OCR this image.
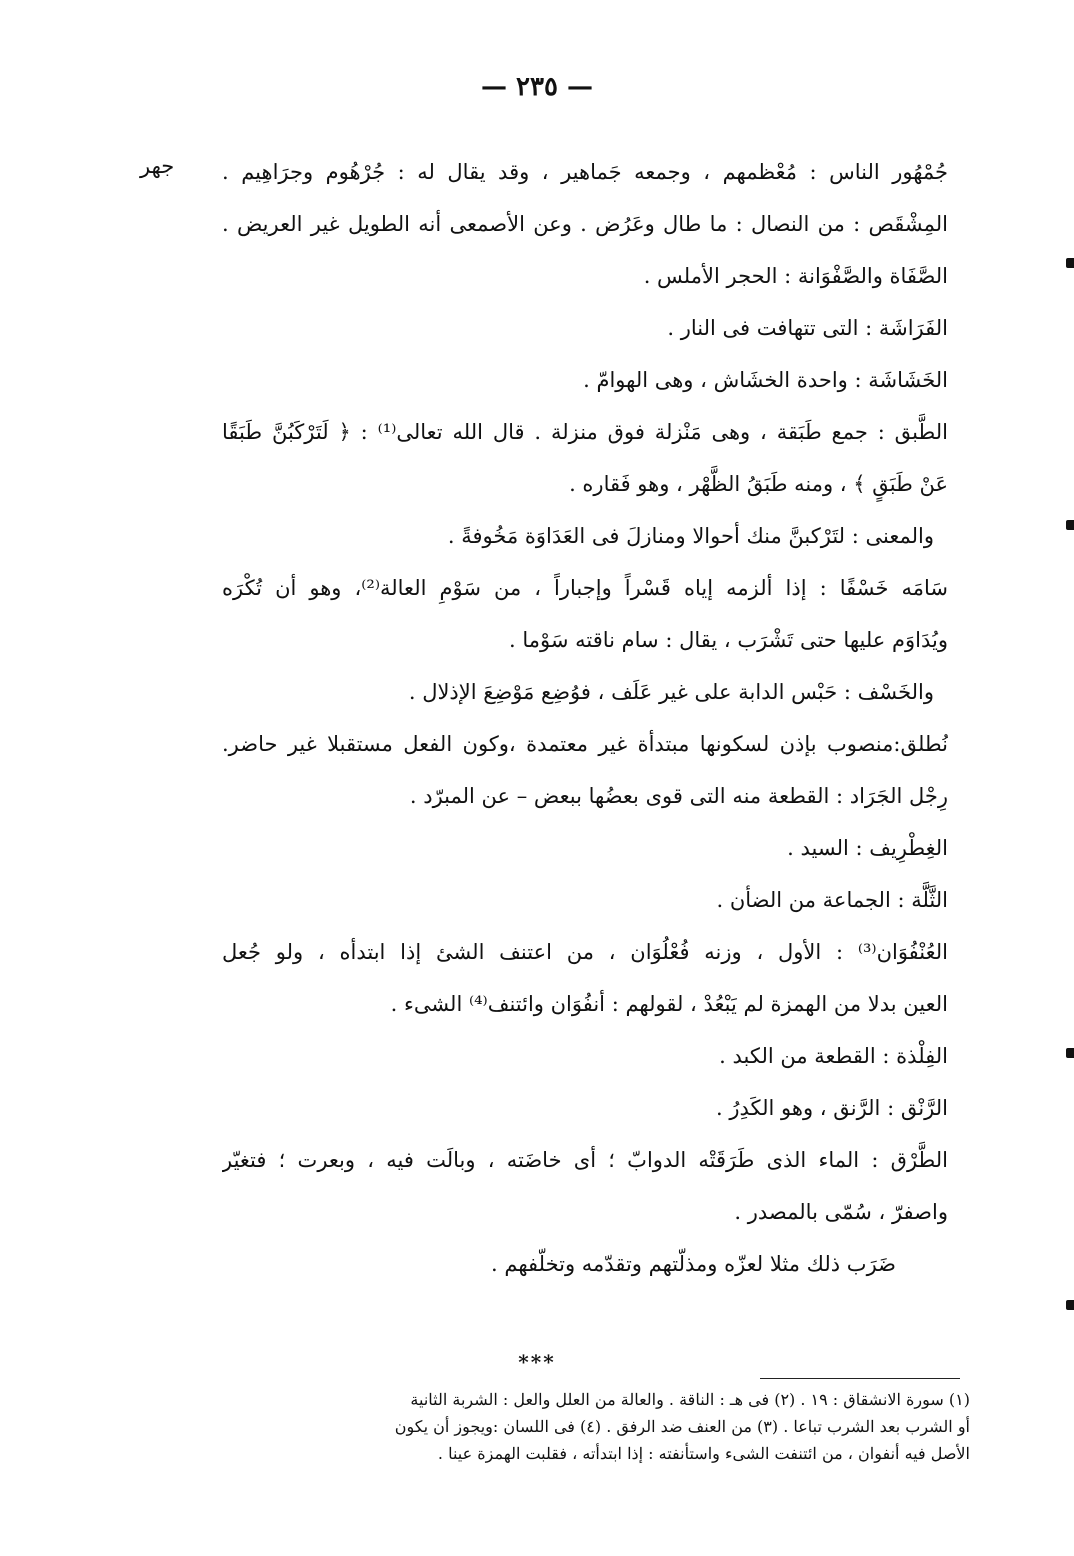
— ٢٣٥ —
جهر جُمْهُور الناس : مُعْظمهم ، وجمعه جَماهير ، وقد يقال له : جُرْهُوم وجرَاهِيم .
المِشْقَص : من النصال : ما طال وعَرُض . وعن الأصمعى أنه الطويل غير العريض .
الصَّفَاة والصَّفْوَانة : الحجر الأملس .
الفَرَاشَة : التى تتهافت فى النار .
الخَشَاشَة : واحدة الخشَاش ، وهى الهوامّ .
الطَّبق : جمع طَبَقة ، وهى مَنْزلة فوق منزلة . قال الله تعالى⁽¹⁾ : ﴿ لَتَرْكَبُنَّ طَبَقًا
عَنْ طَبَقٍ ﴾ ، ومنه طَبَقُ الظَّهْر ، وهو فَقاره .
والمعنى : لتَرْكبنَّ منك أحوالا ومنازلَ فى العَدَاوَة مَخُوفةً .
سَامَه خَسْفًا : إذا ألزمه إياه قَسْراً وإجباراً ، من سَوْمِ العالة⁽²⁾، وهو أن تُكْرَه
ويُدَاوَم عليها حتى تَشْرَب ، يقال : سام ناقته سَوْما .
والخَسْف : حَبْس الدابة على غير عَلَف ، فوُضِع مَوْضِعَ الإذلال .
نُطلق:منصوب بإذن لسكونها مبتدأة غير معتمدة ،وكون الفعل مستقبلا غير حاضر.
رِجْل الجَرَاد : القطعة منه التى قوى بعضُها ببعض – عن المبرّد .
الغِطْرِيف : السيد .
الثَّلَّة : الجماعة من الضأن .
العُنْفُوَان⁽³⁾ : الأول ، وزنه فُعْلُوَان ، من اعتنف الشئ إذا ابتدأه ، ولو جُعل
العين بدلا من الهمزة لم يَبْعُدْ ، لقولهم : أنفُوَان وائتنف⁽⁴⁾ الشىء .
الفِلْذة : القطعة من الكبد .
الرَّنْق : الرَّنق ، وهو الكَدِرُ .
الطَّرْق : الماء الذى طَرَقَتْه الدوابّ ؛ أى خاضَته ، وبالَت فيه ، وبعرت ؛ فتغيّر
واصفرّ ، سُمّى بالمصدر .
ضَرَب ذلك مثلا لعزّه ومذلّتهم وتقدّمه وتخلّفهم .
***
(١) سورة الانشقاق : ١٩ . (٢) فى هـ : الناقة . والعالة من العلل والعل : الشربة الثانية
أو الشرب بعد الشرب تباعا . (٣) من العنف ضد الرفق . (٤) فى اللسان :ويجوز أن يكون
الأصل فيه أنفوان ، من ائتنفت الشىء واستأنفته : إذا ابتدأته ، فقلبت الهمزة عينا .
